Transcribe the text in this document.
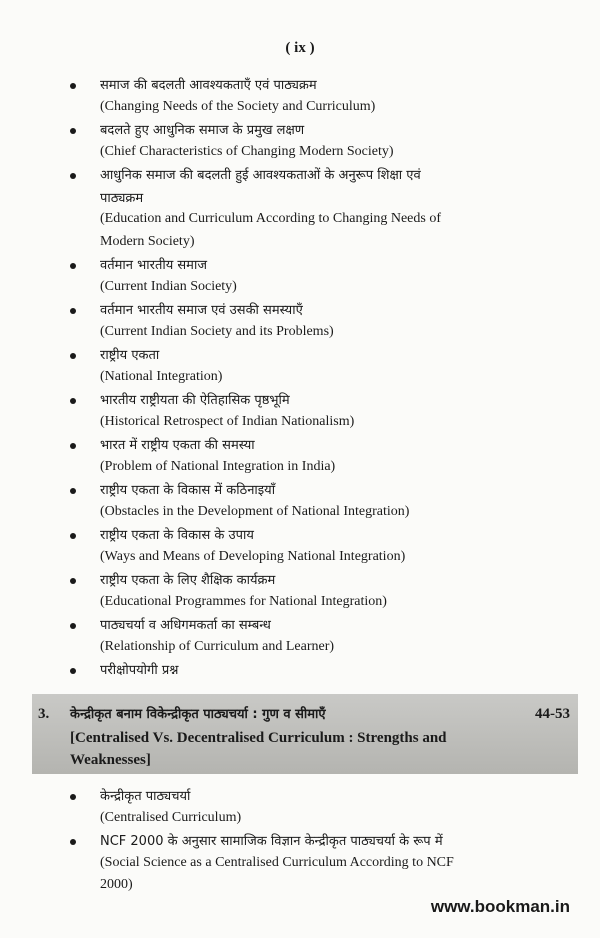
( ix )
समाज की बदलती आवश्यकताएँ एवं पाठ्यक्रम
(Changing Needs of the Society and Curriculum)
बदलते हुए आधुनिक समाज के प्रमुख लक्षण
(Chief Characteristics of Changing Modern Society)
आधुनिक समाज की बदलती हुई आवश्यकताओं के अनुरूप शिक्षा एवं
पाठ्यक्रम
(Education and Curriculum According to Changing Needs of
Modern Society)
वर्तमान भारतीय समाज
(Current Indian Society)
वर्तमान भारतीय समाज एवं उसकी समस्याएँ
(Current Indian Society and its Problems)
राष्ट्रीय एकता
(National Integration)
भारतीय राष्ट्रीयता की ऐतिहासिक पृष्ठभूमि
(Historical Retrospect of Indian Nationalism)
भारत में राष्ट्रीय एकता की समस्या
(Problem of National Integration in India)
राष्ट्रीय एकता के विकास में कठिनाइयाँ
(Obstacles in the Development of National Integration)
राष्ट्रीय एकता के विकास के उपाय
(Ways and Means of Developing National Integration)
राष्ट्रीय एकता के लिए शैक्षिक कार्यक्रम
(Educational Programmes for National Integration)
पाठ्यचर्या व अधिगमकर्ता का सम्बन्ध
(Relationship of Curriculum and Learner)
परीक्षोपयोगी प्रश्न
केन्द्रीकृत पाठ्यचर्या
(Centralised Curriculum)
NCF 2000 के अनुसार सामाजिक विज्ञान केन्द्रीकृत पाठ्यचर्या के रूप में
(Social Science as a Centralised Curriculum According to NCF
2000)
3. केन्द्रीकृत बनाम विकेन्द्रीकृत पाठ्यचर्या : गुण व सीमाएँ	44-53
[Centralised Vs. Decentralised Curriculum : Strengths and
Weaknesses]
www.bookman.in
